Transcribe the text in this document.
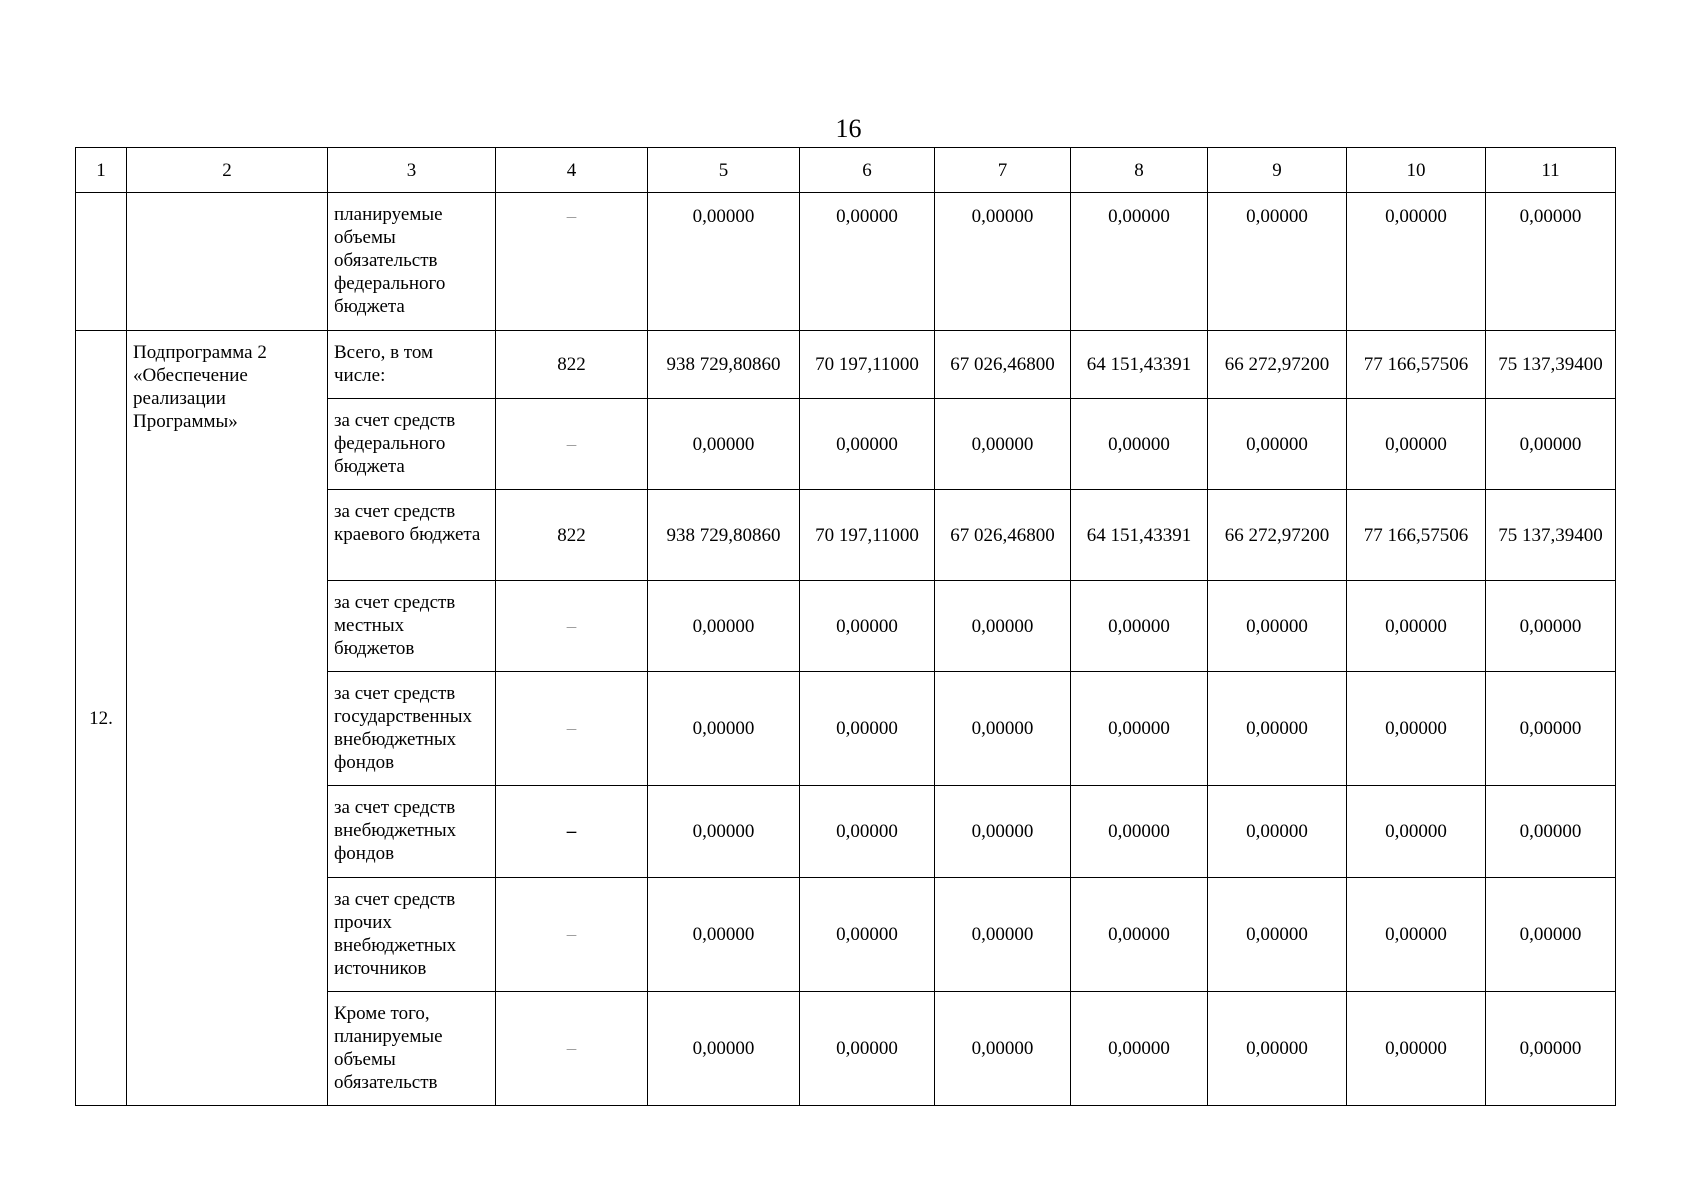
16
1	2	3	4	5	6	7	8	9	10	11
		планируемые объемы обязательств федерального бюджета	–	0,00000	0,00000	0,00000	0,00000	0,00000	0,00000	0,00000
12.	Подпрограмма 2 «Обеспечение реализации Программы»	Всего, в том числе:	822	938 729,80860	70 197,11000	67 026,46800	64 151,43391	66 272,97200	77 166,57506	75 137,39400
		за счет средств федерального бюджета	–	0,00000	0,00000	0,00000	0,00000	0,00000	0,00000	0,00000
		за счет средств краевого бюджета	822	938 729,80860	70 197,11000	67 026,46800	64 151,43391	66 272,97200	77 166,57506	75 137,39400
		за счет средств местных бюджетов	–	0,00000	0,00000	0,00000	0,00000	0,00000	0,00000	0,00000
		за счет средств государственных внебюджетных фондов	–	0,00000	0,00000	0,00000	0,00000	0,00000	0,00000	0,00000
		за счет средств внебюджетных фондов	–	0,00000	0,00000	0,00000	0,00000	0,00000	0,00000	0,00000
		за счет средств прочих внебюджетных источников	–	0,00000	0,00000	0,00000	0,00000	0,00000	0,00000	0,00000
		Кроме того, планируемые объемы обязательств	–	0,00000	0,00000	0,00000	0,00000	0,00000	0,00000	0,00000
